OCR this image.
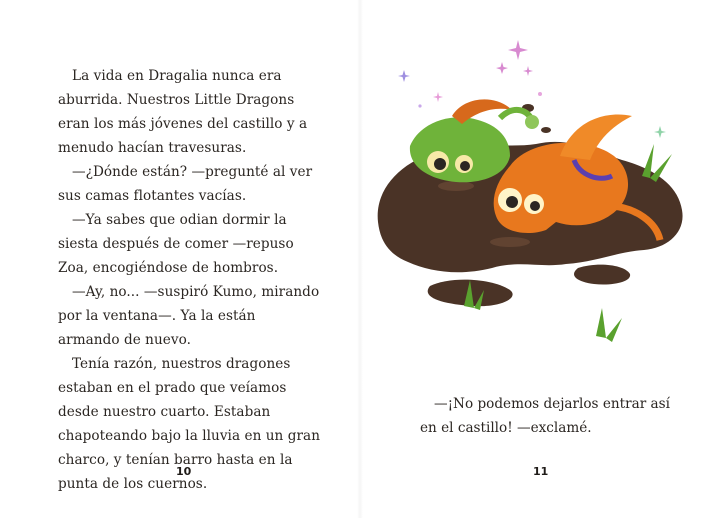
La vida en Dragalia nunca era aburrida. Nuestros Little Dragons eran los más jóvenes del castillo y a menudo hacían travesuras.

—¿Dónde están? —pregunté al ver sus camas flotantes vacías.

—Ya sabes que odian dormir la siesta después de comer —repuso Zoa, encogiéndose de hombros.

—Ay, no... —suspiró Kumo, mirando por la ventana—. Ya la están armando de nuevo.

Tenía razón, nuestros dragones estaban en el prado que veíamos desde nuestro cuarto. Estaban chapoteando bajo la lluvia en un gran charco, y tenían barro hasta en la punta de los cuernos.

10

—¡No podemos dejarlos entrar así en el castillo! —exclamé.

11
